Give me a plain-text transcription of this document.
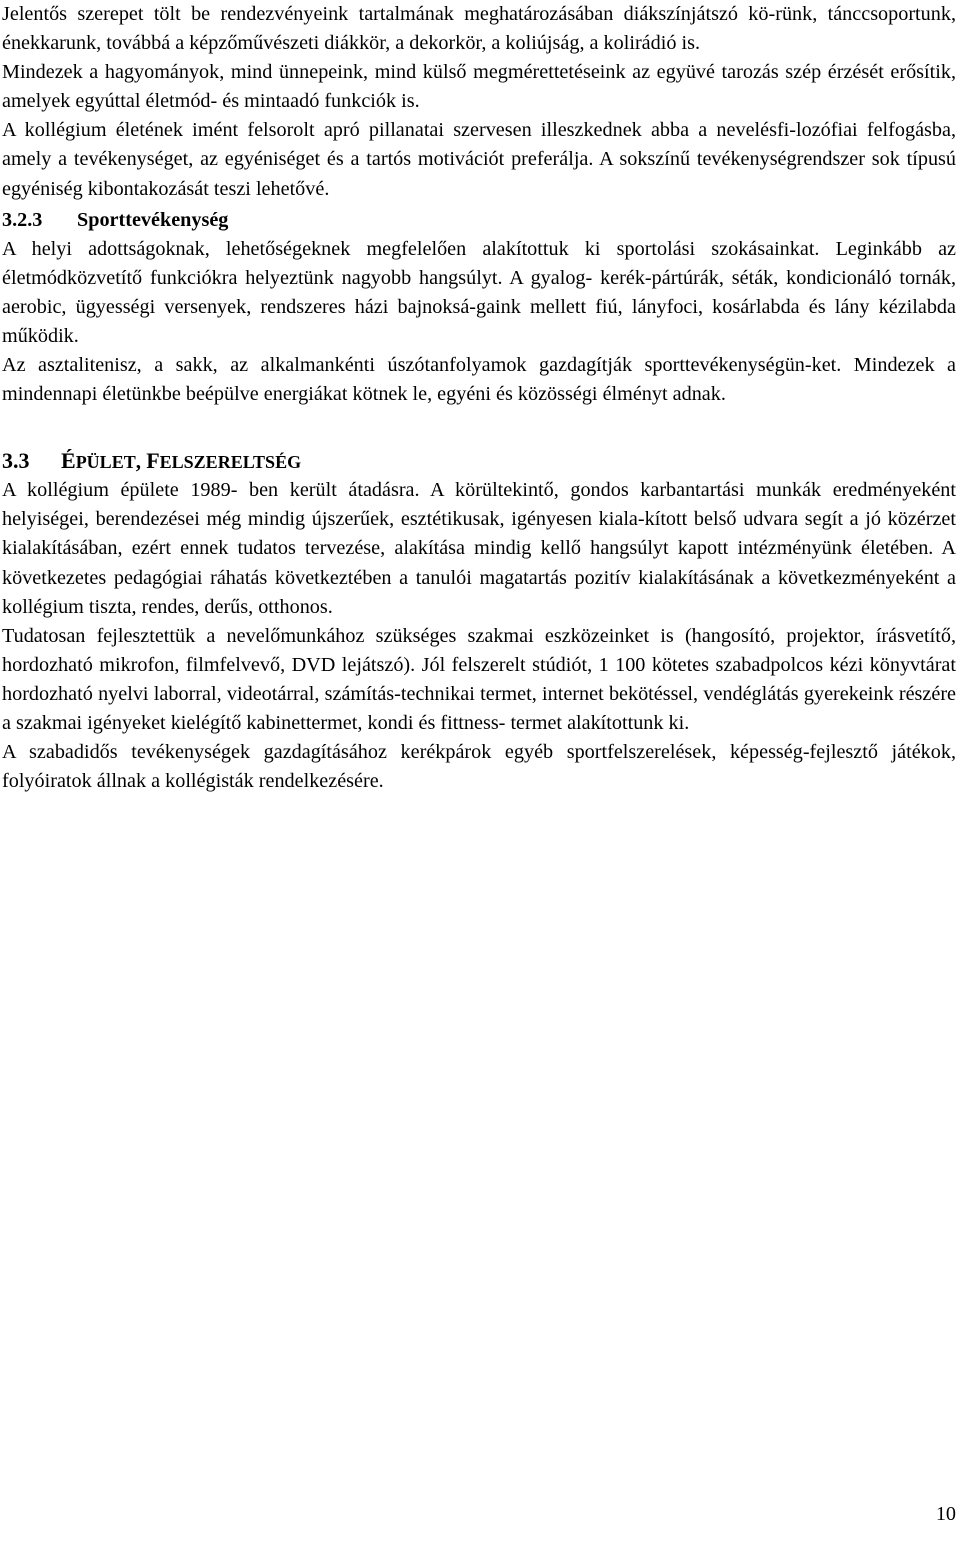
Jelentős szerepet tölt be rendezvényeink tartalmának meghatározásában diákszínjátszó kö-rünk, tánccsoportunk, énekkarunk, továbbá a képzőművészeti diákkör, a dekorkör, a koliújság, a kolirádió is.

Mindezek a hagyományok, mind ünnepeink, mind külső megmérettetéseink az együvé tarozás szép érzését erősítik, amelyek egyúttal életmód- és mintaadó funkciók is.

A kollégium életének imént felsorolt apró pillanatai szervesen illeszkednek abba a nevelésfi-lozófiai felfogásba, amely a tevékenységet, az egyéniséget és a tartós motivációt preferálja. A sokszínű tevékenységrendszer sok típusú egyéniség kibontakozását teszi lehetővé.

3.2.3 Sporttevékenység

A helyi adottságoknak, lehetőségeknek megfelelően alakítottuk ki sportolási szokásainkat. Leginkább az életmódközvetítő funkciókra helyeztünk nagyobb hangsúlyt. A gyalog- kerék-pártúrák, séták, kondicionáló tornák, aerobic, ügyességi versenyek, rendszeres házi bajnoksá-gaink mellett fiú, lányfoci, kosárlabda és lány kézilabda működik.

Az asztalitenisz, a sakk, az alkalmankénti úszótanfolyamok gazdagítják sporttevékenységün-ket. Mindezek a mindennapi életünkbe beépülve energiákat kötnek le, egyéni és közösségi élményt adnak.

3.3 ÉPÜLET, FELSZERELTSÉG

A kollégium épülete 1989- ben került átadásra. A körültekintő, gondos karbantartási munkák eredményeként helyiségei, berendezései még mindig újszerűek, esztétikusak, igényesen kiala-kított belső udvara segít a jó közérzet kialakításában, ezért ennek tudatos tervezése, alakítása mindig kellő hangsúlyt kapott intézményünk életében. A következetes pedagógiai ráhatás következtében a tanulói magatartás pozitív kialakításának a következményeként a kollégium tiszta, rendes, derűs, otthonos.

Tudatosan fejlesztettük a nevelőmunkához szükséges szakmai eszközeinket is (hangosító, projektor, írásvetítő, hordozható mikrofon, filmfelvevő, DVD lejátszó). Jól felszerelt stúdiót, 1 100 kötetes szabadpolcos kézi könyvtárat hordozható nyelvi laborral, videotárral, számítás-technikai termet, internet bekötéssel, vendéglátás gyerekeink részére a szakmai igényeket kielégítő kabinettermet, kondi és fittness- termet alakítottunk ki.

A szabadidős tevékenységek gazdagításához kerékpárok egyéb sportfelszerelések, képesség-fejlesztő játékok, folyóiratok állnak a kollégisták rendelkezésére.

10
